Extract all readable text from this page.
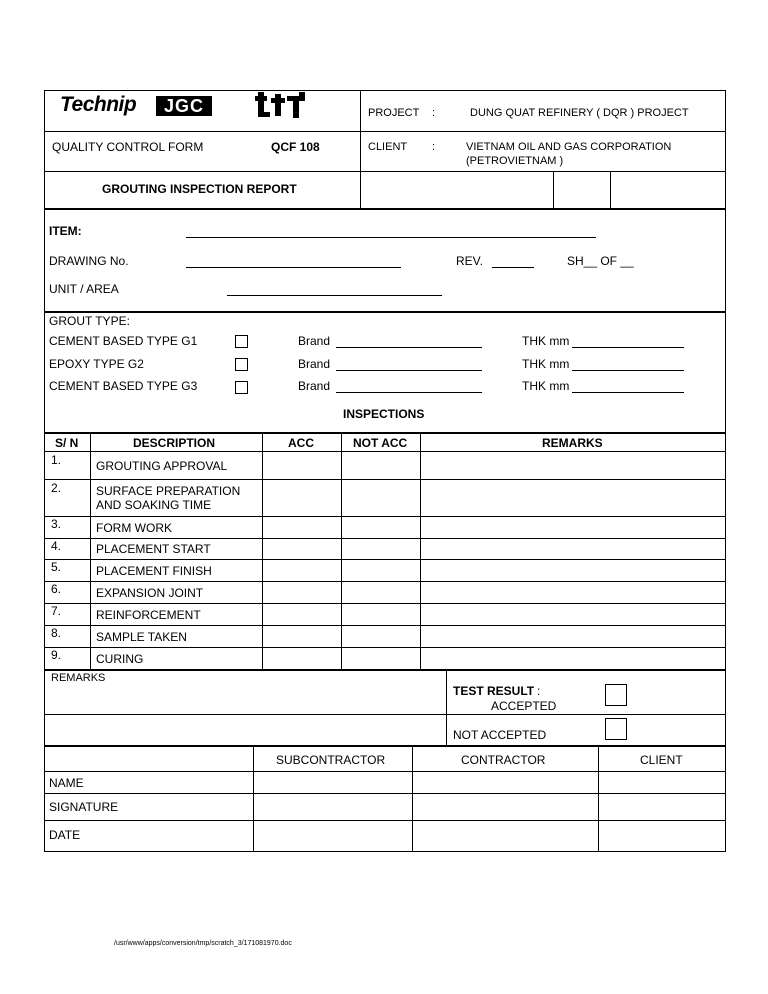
Technip	JGC	PROJECT :	DUNG QUAT REFINERY ( DQR ) PROJECT
QUALITY CONTROL FORM	QCF 108	CLIENT :	VIETNAM OIL AND GAS CORPORATION
(PETROVIETNAM )
GROUTING INSPECTION REPORT
ITEM:
DRAWING No.	REV.	SH__ OF __
UNIT / AREA
GROUT TYPE:
CEMENT BASED TYPE G1	Brand	THK mm
EPOXY TYPE G2	Brand	THK mm
CEMENT BASED TYPE G3	Brand	THK mm
INSPECTIONS
S/ N	DESCRIPTION	ACC	NOT ACC	REMARKS
1.	GROUTING APPROVAL
2.	SURFACE PREPARATION
AND SOAKING TIME
3.	FORM WORK
4.	PLACEMENT START
5.	PLACEMENT FINISH
6.	EXPANSION JOINT
7.	REINFORCEMENT
8.	SAMPLE TAKEN
9.	CURING
REMARKS
TEST RESULT :
ACCEPTED
NOT ACCEPTED
SUBCONTRACTOR	CONTRACTOR	CLIENT
NAME
SIGNATURE
DATE
/usr/www/apps/conversion/tmp/scratch_3/171081970.doc
